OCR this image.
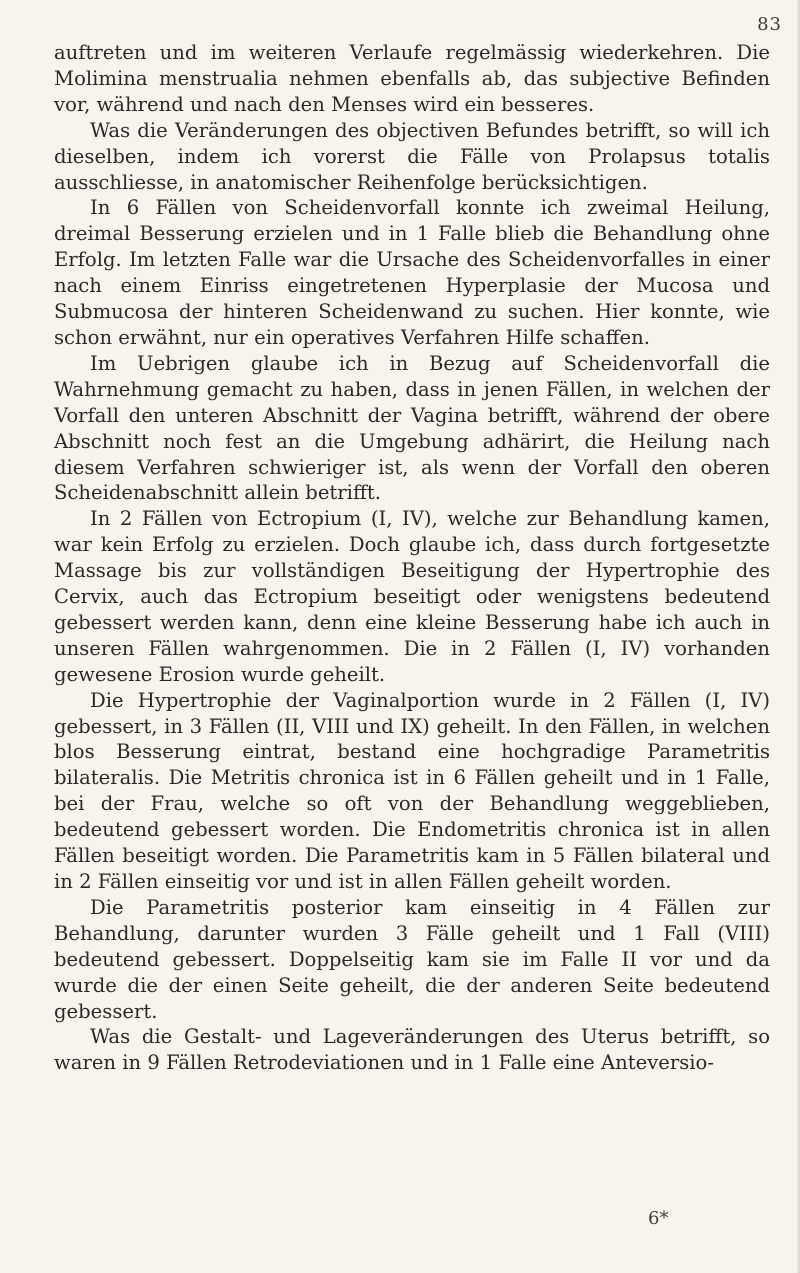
83

auftreten und im weiteren Verlaufe regelmässig wiederkehren. Die Molimina menstrualia nehmen ebenfalls ab, das subjective Befinden vor, während und nach den Menses wird ein besseres.

Was die Veränderungen des objectiven Befundes betrifft, so will ich dieselben, indem ich vorerst die Fälle von Prolapsus totalis ausschliesse, in anatomischer Reihenfolge berücksichtigen.

In 6 Fällen von Scheidenvorfall konnte ich zweimal Heilung, dreimal Besserung erzielen und in 1 Falle blieb die Behandlung ohne Erfolg. Im letzten Falle war die Ursache des Scheidenvorfalles in einer nach einem Einriss eingetretenen Hyperplasie der Mucosa und Submucosa der hinteren Scheidenwand zu suchen. Hier konnte, wie schon erwähnt, nur ein operatives Verfahren Hilfe schaffen.

Im Uebrigen glaube ich in Bezug auf Scheidenvorfall die Wahrnehmung gemacht zu haben, dass in jenen Fällen, in welchen der Vorfall den unteren Abschnitt der Vagina betrifft, während der obere Abschnitt noch fest an die Umgebung adhärirt, die Heilung nach diesem Verfahren schwieriger ist, als wenn der Vorfall den oberen Scheidenabschnitt allein betrifft.

In 2 Fällen von Ectropium (I, IV), welche zur Behandlung kamen, war kein Erfolg zu erzielen. Doch glaube ich, dass durch fortgesetzte Massage bis zur vollständigen Beseitigung der Hypertrophie des Cervix, auch das Ectropium beseitigt oder wenigstens bedeutend gebessert werden kann, denn eine kleine Besserung habe ich auch in unseren Fällen wahrgenommen. Die in 2 Fällen (I, IV) vorhanden gewesene Erosion wurde geheilt.

Die Hypertrophie der Vaginalportion wurde in 2 Fällen (I, IV) gebessert, in 3 Fällen (II, VIII und IX) geheilt. In den Fällen, in welchen blos Besserung eintrat, bestand eine hochgradige Parametritis bilateralis. Die Metritis chronica ist in 6 Fällen geheilt und in 1 Falle, bei der Frau, welche so oft von der Behandlung weggeblieben, bedeutend gebessert worden. Die Endometritis chronica ist in allen Fällen beseitigt worden. Die Parametritis kam in 5 Fällen bilateral und in 2 Fällen einseitig vor und ist in allen Fällen geheilt worden.

Die Parametritis posterior kam einseitig in 4 Fällen zur Behandlung, darunter wurden 3 Fälle geheilt und 1 Fall (VIII) bedeutend gebessert. Doppelseitig kam sie im Falle II vor und da wurde die der einen Seite geheilt, die der anderen Seite bedeutend gebessert.

Was die Gestalt- und Lageveränderungen des Uterus betrifft, so waren in 9 Fällen Retrodeviationen und in 1 Falle eine Anteversio-

6*
